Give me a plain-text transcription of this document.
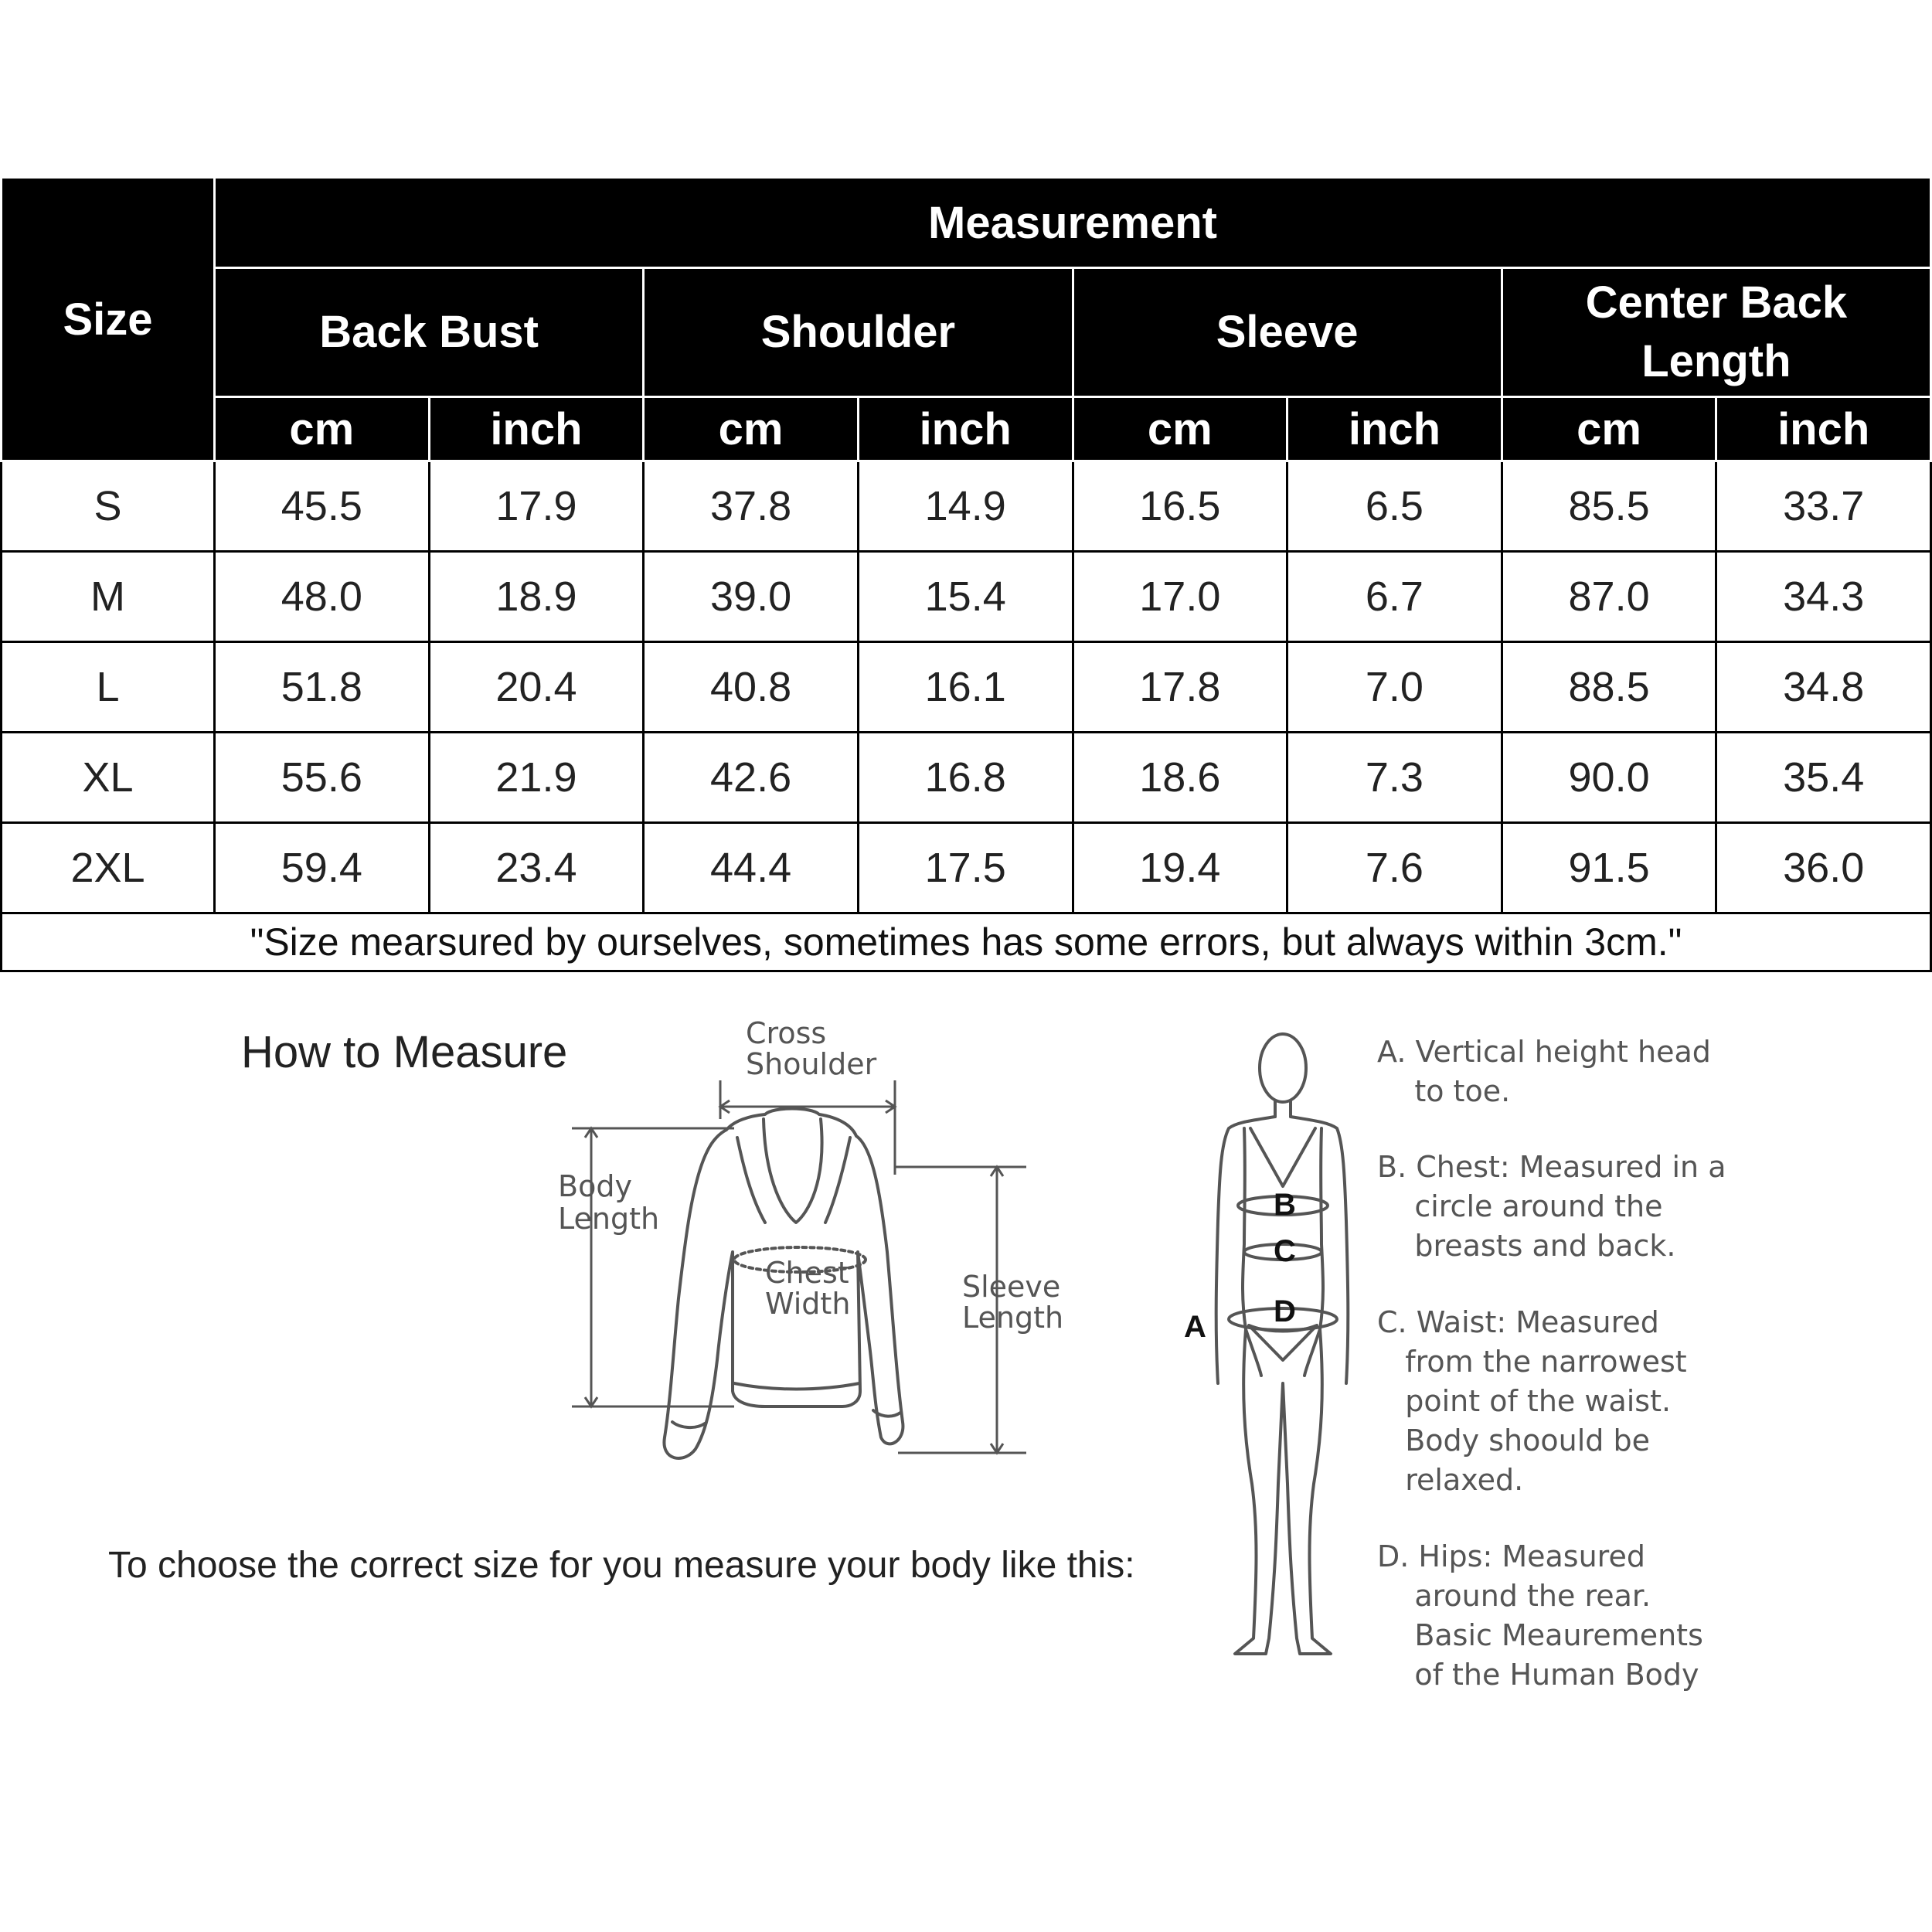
Size	Measurement							
	Back Bust		Shoulder		Sleeve		Center Back Length	
	cm	inch	cm	inch	cm	inch	cm	inch
S	45.5	17.9	37.8	14.9	16.5	6.5	85.5	33.7
M	48.0	18.9	39.0	15.4	17.0	6.7	87.0	34.3
L	51.8	20.4	40.8	16.1	17.8	7.0	88.5	34.8
XL	55.6	21.9	42.6	16.8	18.6	7.3	90.0	35.4
2XL	59.4	23.4	44.4	17.5	19.4	7.6	91.5	36.0
"Size mearsured by ourselves, sometimes has some errors, but always within 3cm."								
How to Measure	Cross
Shoulder
Body
Length
Chest
Width	Sleeve
Length
To choose the correct size for you measure your body like this:
B
C
D
A
A. Vertical height head
to toe.
B. Chest: Measured in a
circle around the
breasts and back.
C. Waist: Measured
from the narrowest
point of the waist.
Body shoould be
relaxed.
D. Hips: Measured
around the rear.
Basic Meaurements
of the Human Body
